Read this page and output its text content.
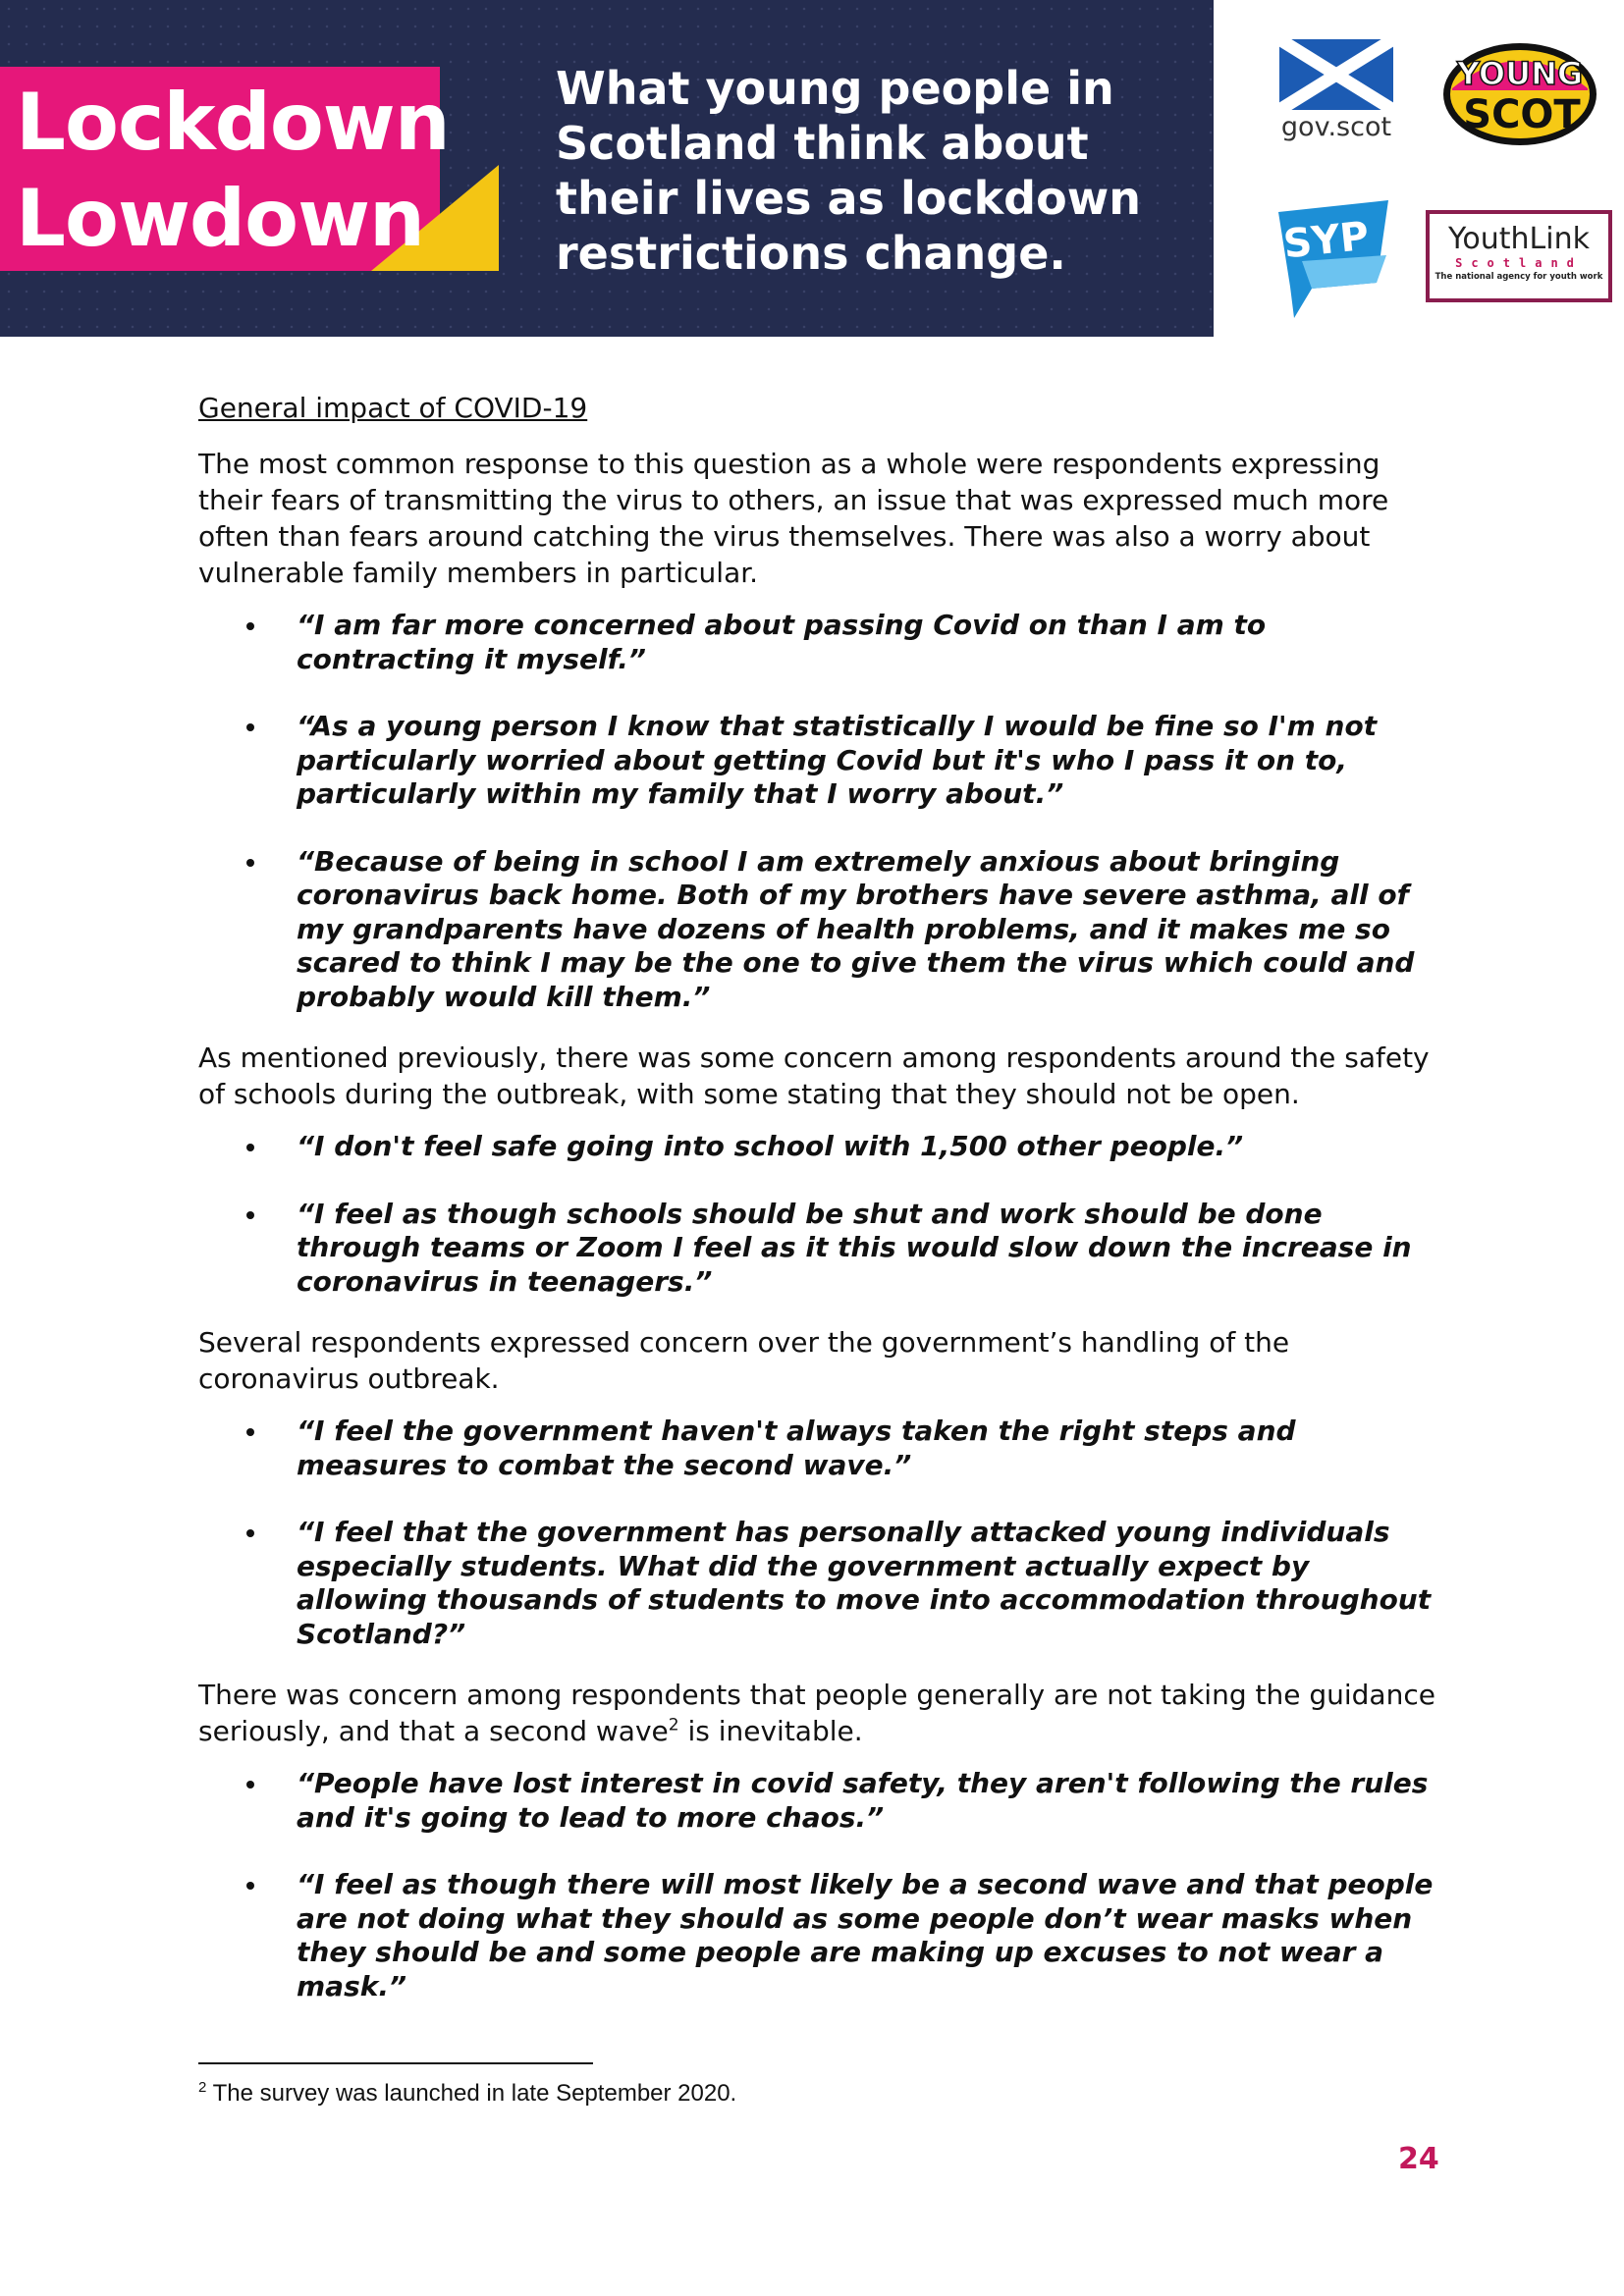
Lockdown
Lowdown

What young people in Scotland think about their lives as lockdown restrictions change.

gov.scot
YOUNG
SCOT
SYP	YouthLink
Scotland
The national agency for youth work
General impact of COVID-19

The most common response to this question as a whole were respondents expressing their fears of transmitting the virus to others, an issue that was expressed much more often than fears around catching the virus themselves. There was also a worry about vulnerable family members in particular.

“I am far more concerned about passing Covid on than I am to contracting it myself.”
“As a young person I know that statistically I would be fine so I'm not particularly worried about getting Covid but it's who I pass it on to, particularly within my family that I worry about.”
“Because of being in school I am extremely anxious about bringing coronavirus back home. Both of my brothers have severe asthma, all of my grandparents have dozens of health problems, and it makes me so scared to think I may be the one to give them the virus which could and probably would kill them.”

As mentioned previously, there was some concern among respondents around the safety of schools during the outbreak, with some stating that they should not be open.

“I don't feel safe going into school with 1,500 other people.”
“I feel as though schools should be shut and work should be done through teams or Zoom I feel as it this would slow down the increase in coronavirus in teenagers.”

Several respondents expressed concern over the government’s handling of the coronavirus outbreak.

“I feel the government haven't always taken the right steps and measures to combat the second wave.”
“I feel that the government has personally attacked young individuals especially students. What did the government actually expect by allowing thousands of students to move into accommodation throughout Scotland?”

There was concern among respondents that people generally are not taking the guidance seriously, and that a second wave$^2$ is inevitable.

“People have lost interest in covid safety, they aren't following the rules and it's going to lead to more chaos.”
“I feel as though there will most likely be a second wave and that people are not doing what they should as some people don’t wear masks when they should be and some people are making up excuses to not wear a mask.”

$^2$ The survey was launched in late September 2020.

24
